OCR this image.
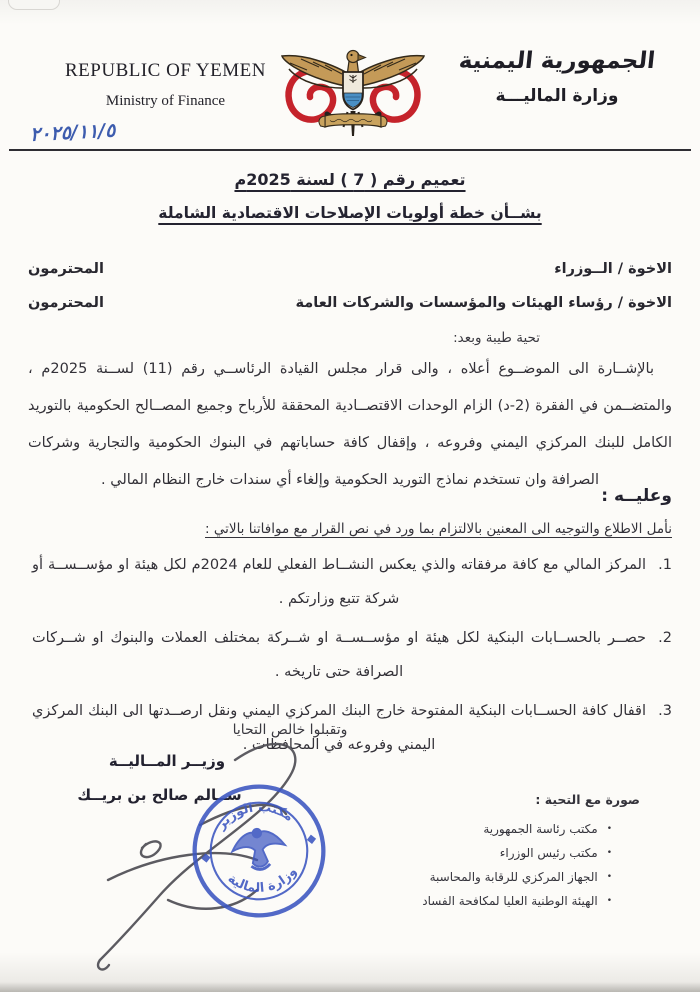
REPUBLIC OF YEMEN
Ministry of Finance
٢٠٢٥/١١/٥
الجمهورية اليمنية
وزارة الماليـــة
تعميم رقم ( 7 ) لسنة 2025م
بشــأن خطة أولويات الإصلاحات الاقتصادية الشاملة
الاخوة / الــوزراء
المحترمون
الاخوة / رؤساء الهيئات والمؤسسات والشركات العامة
المحترمون
تحية طيبة وبعد:
بالإشــارة الى الموضــوع أعلاه ، والى قرار مجلس القيادة الرئاســي رقم (11) لســنة 2025م ، والمتضــمن في الفقرة (2-د) الزام الوحدات الاقتصــادية المحققة للأرباح وجميع المصــالح الحكومية بالتوريد الكامل للبنك المركزي اليمني وفروعه ، وإقفال كافة حساباتهم في البنوك الحكومية والتجارية وشركات الصرافة وان تستخدم نماذج التوريد الحكومية وإلغاء أي سندات خارج النظام المالي .
وعليــه :
نأمل الاطلاع والتوجيه الى المعنين بالالتزام بما ورد في نص القرار مع موافاتنا بالاتي :
1.
المركز المالي مع كافة مرفقاته والذي يعكس النشــاط الفعلي للعام 2024م لكل هيئة او مؤســســة أو شركة تتبع وزارتكم .
2.
حصــر بالحســابات البنكية لكل هيئة او مؤســســة او شــركة بمختلف العملات والبنوك او شــركات الصرافة حتى تاريخه .
3.
اقفال كافة الحســابات البنكية المفتوحة خارج البنك المركزي اليمني ونقل ارصــدتها الى البنك المركزي اليمني وفروعه في المحافظات .
وتقبلوا خالص التحايا
وزيــر المــاليــة
ســالم صالح بن بريــك
مكتب الوزير
وزارة المالية
صورة مع التحية :
•مكتب رئاسة الجمهورية
•مكتب رئيس الوزراء
•الجهاز المركزي للرقابة والمحاسبة
•الهيئة الوطنية العليا لمكافحة الفساد
